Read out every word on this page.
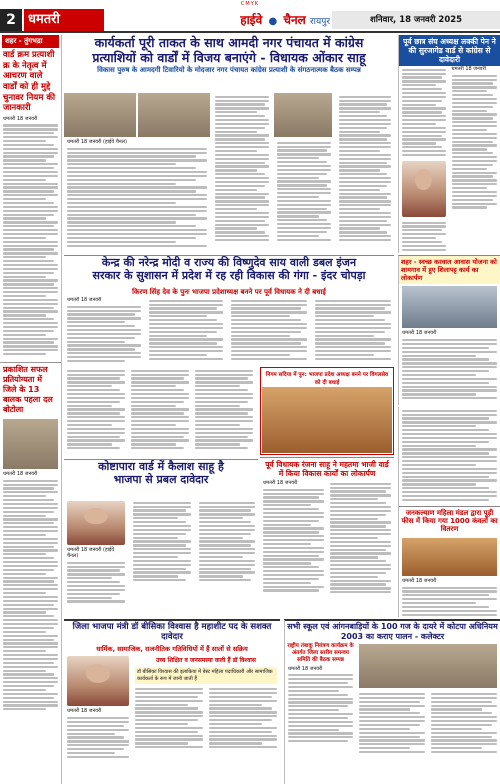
CMYK
2 धमतरी	हाईवे ● चैनल रायपुर	शनिवार, 18 जनवरी 2025
शहर - तुंगभद्रा
वार्ड क्रम प्रत्याशी क्र के नेतृत्व में आचरण वाले वार्डों को ही मुद्दे चुनावर नियम की जानकारी
धमतरी 18 जनवरी
प्रकाशित सफल प्रतियोग्यता में जिले के 13 बालक पहला दल बोटोला
धमतरी 18 जनवरी
कार्यकर्ता पूरी ताकत के साथ आमदी नगर पंचायत में कांग्रेस
प्रत्याशियों को वार्डों में विजय बनाएंगे - विधायक ओंकार साहू
विकास पुरुष के आमदगी टिवारियो के मोदजार नगर पंचायत कांग्रेस प्रत्याशी के संगठनात्मक बैठक सम्पन्न
धमतरी 18 जनवरी (हाईवे चैनल)
पूर्व छात्र संघ अध्यक्ष लक्की पेन ने की सुरजागेड वार्ड से कांग्रेस से दावेदारी
धमतरी 18 जनवरी
केन्द्र की नरेन्द्र मोदी व राज्य की विष्णुदेव साय वाली डबल इंजन
सरकार के सुशासन में प्रदेश में रह रही विकास की गंगा - इंदर चोपड़ा
किरण सिंह देव के पुनः भाजपा प्रदेशाध्यक्ष बनने पर पूर्व विधायक ने दी बधाई
धमतरी 18 जनवरी
शहर - स्वच्छ करवाल आवास योजना को शामगाव में हुए शिलापट्ट कार्य का लोकार्पण
धमतरी 18 जनवरी
निगम सदिया में पुन: भाजपा प्रदेश अध्यक्ष बनने पर विगलसेव को दी बधाई
पूर्व विधायक रंजना साहू ने महतमा भाजी वार्ड में किया विकास कार्यों का लोकार्पण
धमतरी 18 जनवरी
जनकल्याण महिला मंडल द्वारा पूड़ी फीस में किया गया 1000 कंवलों का वितरण
धमतरी 18 जनवरी
कोष्टापारा वार्ड में कैलाश साहू है
भाजपा से प्रबल दावेदार
धमतरी 18 जनवरी (हाईवे चैनल)
जिला भाजपा मंत्री डॉ बीसिका विश्वास है महाशीट पद के सशक्त दावेदार
धार्मिक, सामाजिक, राजनीतिक गतिविधियों में हैं सालों से सक्रिय
धमतरी 18 जनवरी
उच्च शिक्षित व जनसमस्या वाली हैं डॉ विश्वास
डॉ बीसिका विश्वास की इलाकिया में बेस्ट महिला पदाधिकारी और सामाजिक कार्यकर्ता के रूप में जानी जाती हैं
सभी स्कूल एवं आंगनबाड़ियों के 100 गज के दायरे में कोटपा अधिनियम 2003 का कराए पालन - कलेक्टर
राष्ट्रीय तंबाकू नियंत्रण कार्यक्रम के अंतर्गत जिला स्तरीय समन्वय समिति की बैठक सम्पन्न
धमतरी 18 जनवरी
